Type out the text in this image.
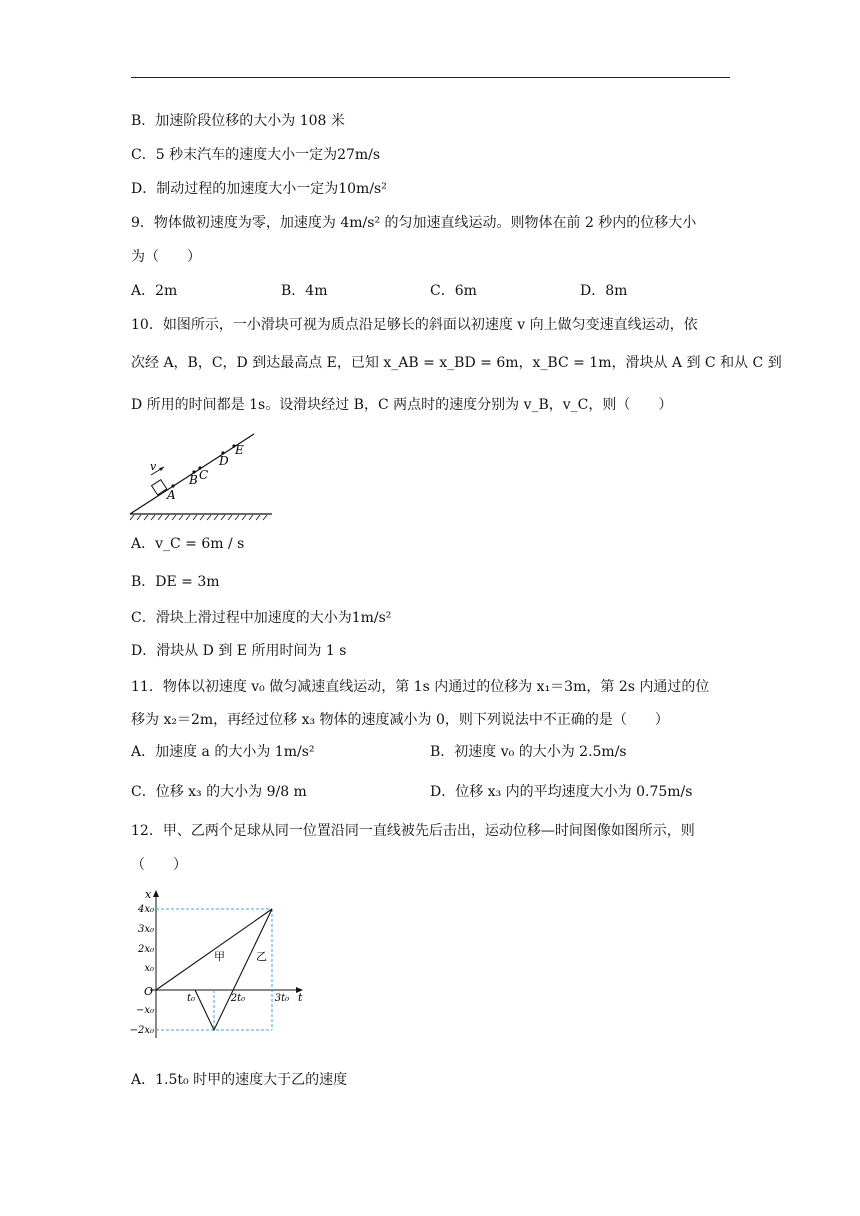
B．加速阶段位移的大小为 108 米
C．5 秒末汽车的速度大小一定为27m/s
D．制动过程的加速度大小一定为10m/s²
9．物体做初速度为零，加速度为 4m/s² 的匀加速直线运动。则物体在前 2 秒内的位移大小
为（　　）
A．2m	B．4m	C．6m	D．8m
10．如图所示，一小滑块可视为质点沿足够长的斜面以初速度 v 向上做匀变速直线运动，依
次经 A，B，C，D 到达最高点 E，已知 x_AB = x_BD = 6m，x_BC = 1m，滑块从 A 到 C 和从 C 到
D 所用的时间都是 1s。设滑块经过 B，C 两点时的速度分别为 v_B，v_C，则（　　）
v
A
B C
D
E
A．v_C = 6m / s
B．DE = 3m
C．滑块上滑过程中加速度的大小为1m/s²
D．滑块从 D 到 E 所用时间为 1 s
11．物体以初速度 v₀ 做匀减速直线运动，第 1s 内通过的位移为 x₁＝3m，第 2s 内通过的位
移为 x₂＝2m，再经过位移 x₃ 物体的速度减小为 0，则下列说法中不正确的是（　　）
A．加速度 a 的大小为 1m/s²	B．初速度 v₀ 的大小为 2.5m/s
C．位移 x₃ 的大小为 9/8 m	D．位移 x₃ 内的平均速度大小为 0.75m/s
12．甲、乙两个足球从同一位置沿同一直线被先后击出，运动位移—时间图像如图所示，则
（　　）
x
t
O
4x₀
3x₀
2x₀
x₀
−x₀
−2x₀
t₀	2t₀	3t₀
甲	乙
A．1.5t₀ 时甲的速度大于乙的速度
